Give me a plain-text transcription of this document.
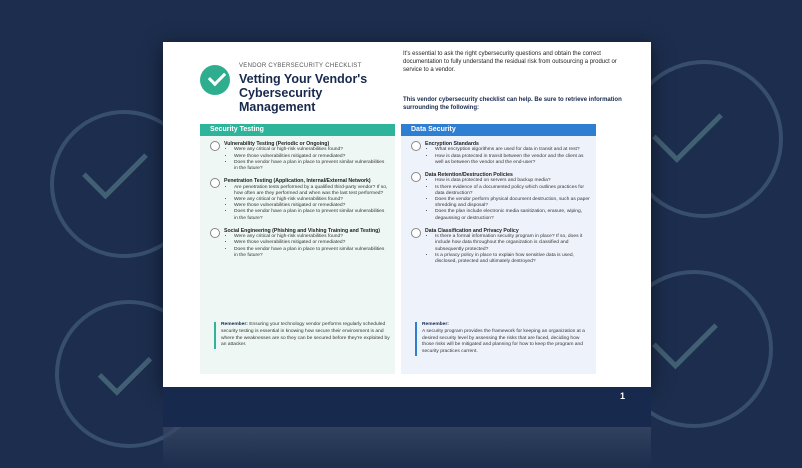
VENDOR CYBERSECURITY CHECKLIST
Vetting Your Vendor's Cybersecurity Management
It's essential to ask the right cybersecurity questions and obtain the correct documentation to fully understand the residual risk from outsourcing a product or service to a vendor.
This vendor cybersecurity checklist can help. Be sure to retrieve information surrounding the following:
Security Testing
Vulnerability Testing (Periodic or Ongoing)
• Were any critical or high-risk vulnerabilities found?
• Were those vulnerabilities mitigated or remediated?
• Does the vendor have a plan in place to prevent similar vulnerabilities in the future?
Penetration Testing (Application, Internal/External Network)
• Are penetration tests performed by a qualified third-party vendor? If so, how often are they performed and when was the last test performed?
• Were any critical or high-risk vulnerabilities found?
• Were those vulnerabilities mitigated or remediated?
• Does the vendor have a plan in place to prevent similar vulnerabilities in the future?
Social Engineering (Phishing and Vishing Training and Testing)
• Were any critical or high-risk vulnerabilities found?
• Were those vulnerabilities mitigated or remediated?
• Does the vendor have a plan in place to prevent similar vulnerabilities in the future?
Remember: Ensuring your technology vendor performs regularly scheduled security testing is essential in knowing how secure their environment is and where the weaknesses are so they can be secured before they're exploited by an attacker.
Data Security
Encryption Standards
• What encryption algorithms are used for data in transit and at rest?
• How is data protected in transit between the vendor and the client as well as between the vendor and the end-user?
Data Retention/Destruction Policies
• How is data protected on servers and backup media?
• Is there evidence of a documented policy which outlines practices for data destruction?
• Does the vendor perform physical document destruction, such as paper shredding and disposal?
• Does the plan include electronic media sanitization, erasure, wiping, degaussing or destruction?
Data Classification and Privacy Policy
• Is there a formal information security program in place? If so, does it include how data throughout the organization is classified and subsequently protected?
• Is a privacy policy in place to explain how sensitive data is used, disclosed, protected and ultimately destroyed?
Remember:
A security program provides the framework for keeping an organization at a desired security level by assessing the risks that are faced, deciding how those risks will be mitigated and planning for how to keep the program and security practices current.
1
